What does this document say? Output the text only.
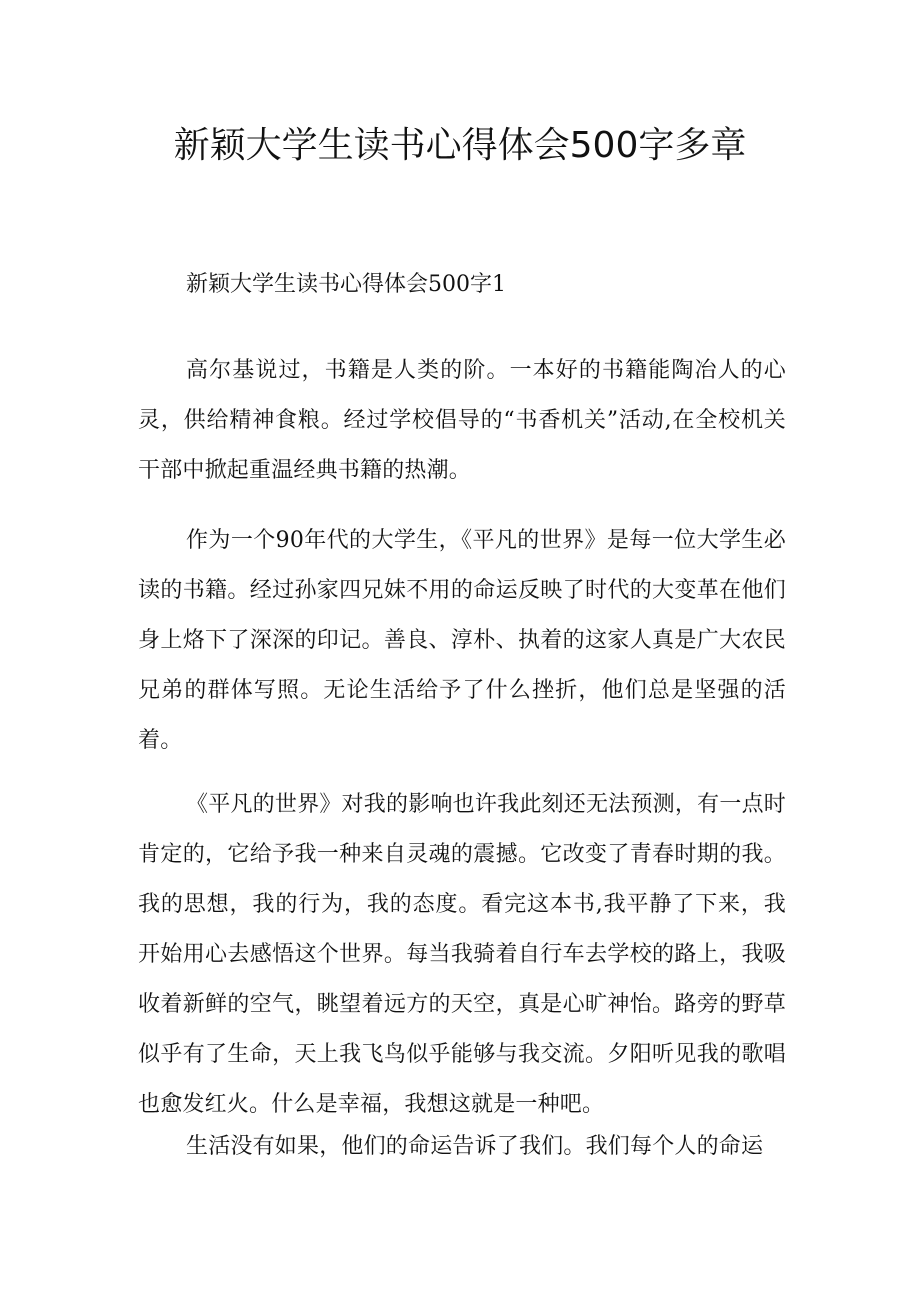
新颖大学生读书心得体会500字多章

新颖大学生读书心得体会500字1

高尔基说过，书籍是人类的阶。一本好的书籍能陶冶人的心灵，供给精神食粮。经过学校倡导的“书香机关”活动,在全校机关干部中掀起重温经典书籍的热潮。

作为一个90年代的大学生，《平凡的世界》是每一位大学生必读的书籍。经过孙家四兄妹不用的命运反映了时代的大变革在他们身上烙下了深深的印记。善良、淳朴、执着的这家人真是广大农民兄弟的群体写照。无论生活给予了什么挫折，他们总是坚强的活着。

《平凡的世界》对我的影响也许我此刻还无法预测，有一点时肯定的，它给予我一种来自灵魂的震撼。它改变了青春时期的我。我的思想，我的行为，我的态度。看完这本书,我平静了下来，我开始用心去感悟这个世界。每当我骑着自行车去学校的路上，我吸收着新鲜的空气，眺望着远方的天空，真是心旷神怡。路旁的野草似乎有了生命，天上我飞鸟似乎能够与我交流。夕阳听见我的歌唱也愈发红火。什么是幸福，我想这就是一种吧。

生活没有如果，他们的命运告诉了我们。我们每个人的命运
